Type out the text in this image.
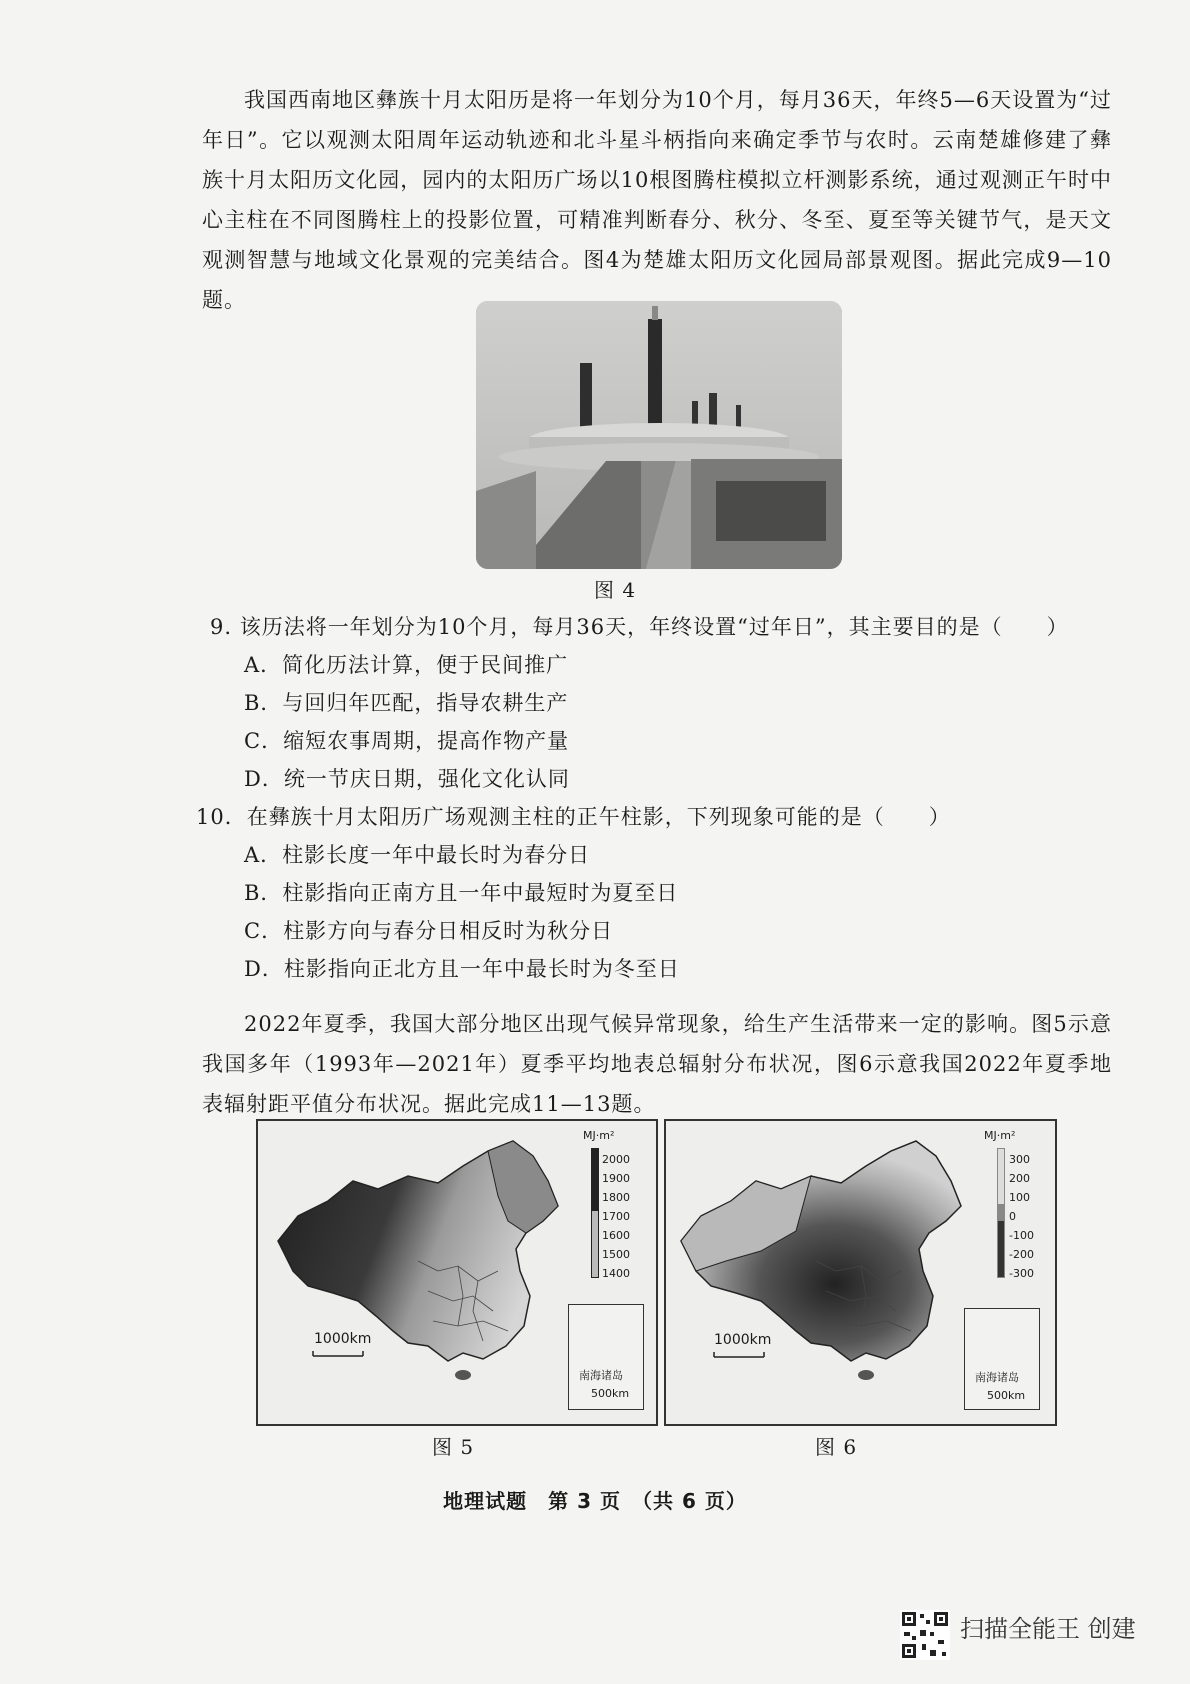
我国西南地区彝族十月太阳历是将一年划分为10个月，每月36天，年终5—6天设置为“过年日”。它以观测太阳周年运动轨迹和北斗星斗柄指向来确定季节与农时。云南楚雄修建了彝族十月太阳历文化园，园内的太阳历广场以10根图腾柱模拟立杆测影系统，通过观测正午时中心主柱在不同图腾柱上的投影位置，可精准判断春分、秋分、冬至、夏至等关键节气，是天文观测智慧与地域文化景观的完美结合。图4为楚雄太阳历文化园局部景观图。据此完成9—10题。
图 4
9. 该历法将一年划分为10个月，每月36天，年终设置“过年日”，其主要目的是（　　）
A．简化历法计算，便于民间推广
B．与回归年匹配，指导农耕生产
C．缩短农事周期，提高作物产量
D．统一节庆日期，强化文化认同
10．在彝族十月太阳历广场观测主柱的正午柱影，下列现象可能的是（　　）
A．柱影长度一年中最长时为春分日
B．柱影指向正南方且一年中最短时为夏至日
C．柱影方向与春分日相反时为秋分日
D．柱影指向正北方且一年中最长时为冬至日
2022年夏季，我国大部分地区出现气候异常现象，给生产生活带来一定的影响。图5示意我国多年（1993年—2021年）夏季平均地表总辐射分布状况，图6示意我国2022年夏季地表辐射距平值分布状况。据此完成11—13题。
1000km
MJ·m²
2000
1900
1800
1700
1600
1500
1400
南海诸岛
500km
图 5
1000km
MJ·m²
300
200
100
0
-100
-200
-300
南海诸岛
500km
图 6
地理试题　第 3 页　（共 6 页）
扫描全能王 创建
